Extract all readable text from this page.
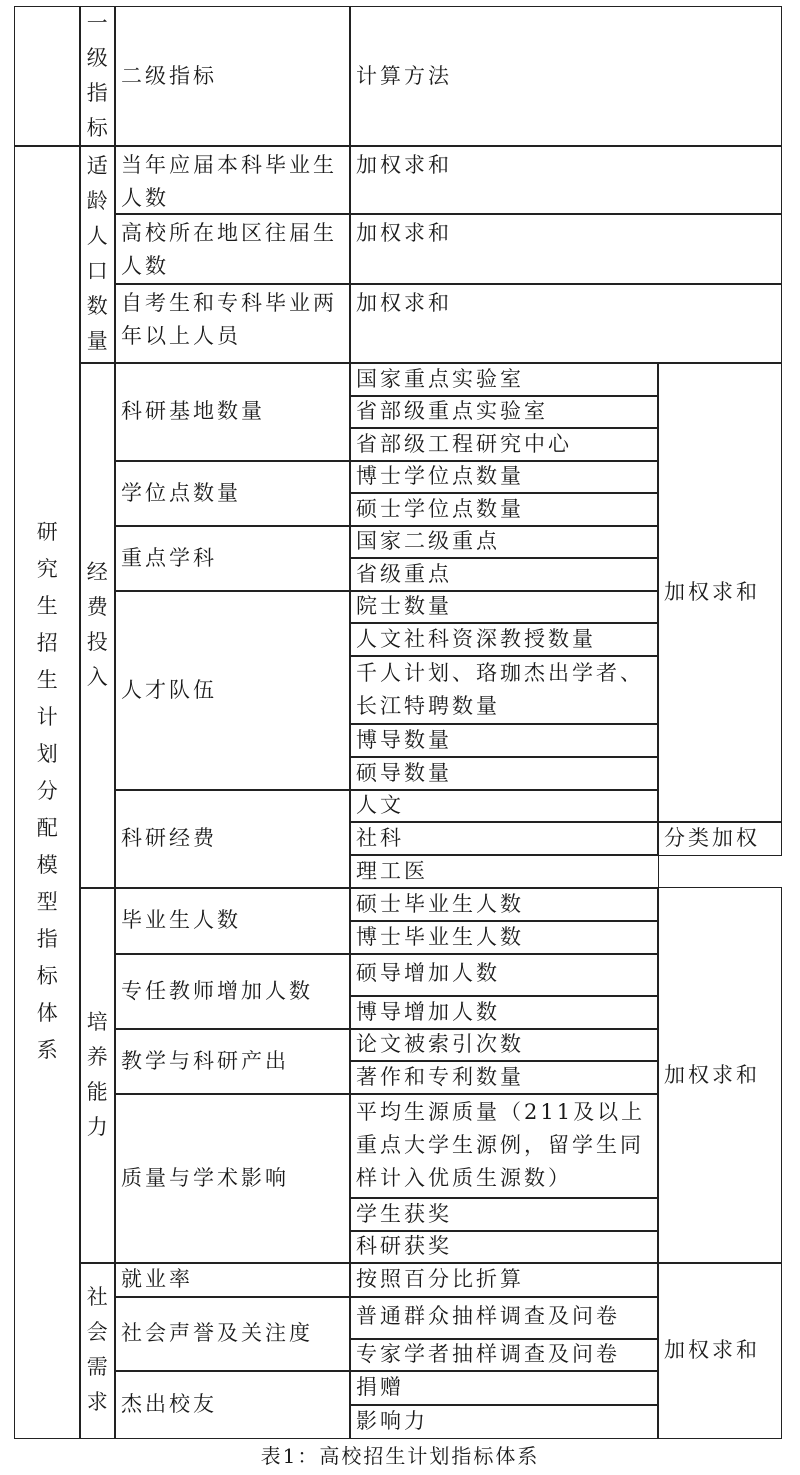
一级指标
二级指标	计算方法
研究生招生计划分配模型指标体系
适龄人口数量
当年应届本科毕业生人数
加权求和
高校所在地区往届生人数
加权求和
自考生和专科毕业两年以上人员
加权求和
经费投入
国家重点实验室
省部级重点实验室
省部级工程研究中心
科研基地数量
博士学位点数量
硕士学位点数量
学位点数量
国家二级重点
省级重点
重点学科
院士数量
人文社科资深教授数量
千人计划、珞珈杰出学者、长江特聘数量
博导数量
硕导数量
人才队伍
人文
社科
理工医
科研经费
加权求和
分类加权
培养能力
硕士毕业生人数
博士毕业生人数
毕业生人数
硕导增加人数
博导增加人数
专任教师增加人数
论文被索引次数
著作和专利数量
教学与科研产出
平均生源质量（211及以上重点大学生源例，留学生同样计入优质生源数）
学生获奖
科研获奖
质量与学术影响
加权求和
社会需求
按照百分比折算
就业率
普通群众抽样调查及问卷
专家学者抽样调查及问卷
社会声誉及关注度
捐赠
影响力
杰出校友
加权求和
表1：高校招生计划指标体系
